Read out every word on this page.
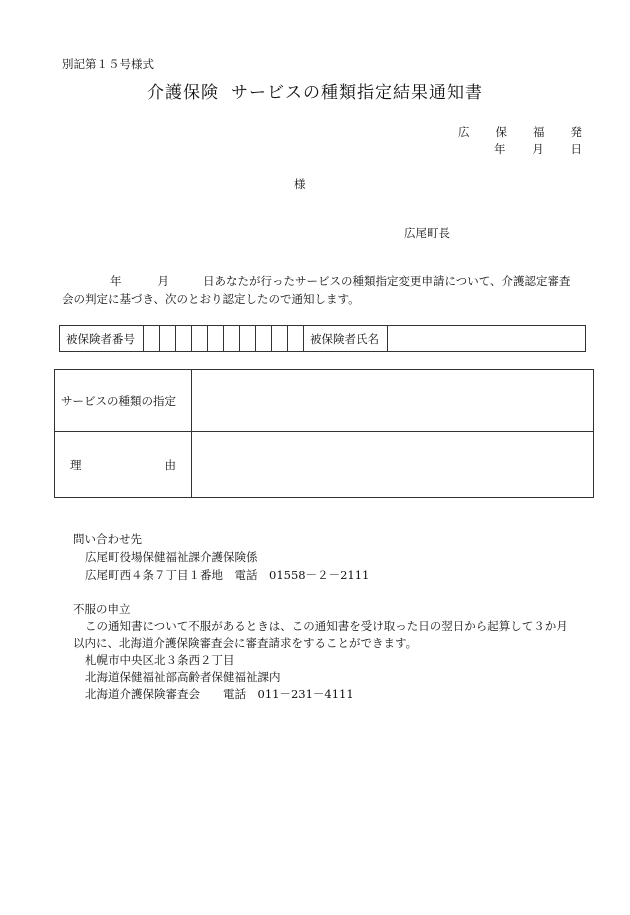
別記第１５号様式
介護保険 サービスの種類指定結果通知書
広 保 福 発
年 月 日
様
広尾町長
年	月	日あなたが行ったサービスの種類指定変更申請について、介護認定審査会の判定に基づき、次のとおり認定したので通知します。
被保険者番号											被保険者氏名	
サービスの種類の指定	

理 由	

問い合わせ先
広尾町役場保健福祉課介護保険係
広尾町西４条７丁目１番地　電話　01558－２－2111
不服の申立
この通知書について不服があるときは、この通知書を受け取った日の翌日から起算して３か月
以内に、北海道介護保険審査会に審査請求をすることができます。
札幌市中央区北３条西２丁目
北海道保健福祉部高齢者保健福祉課内
北海道介護保険審査会　　電話　011－231－4111
